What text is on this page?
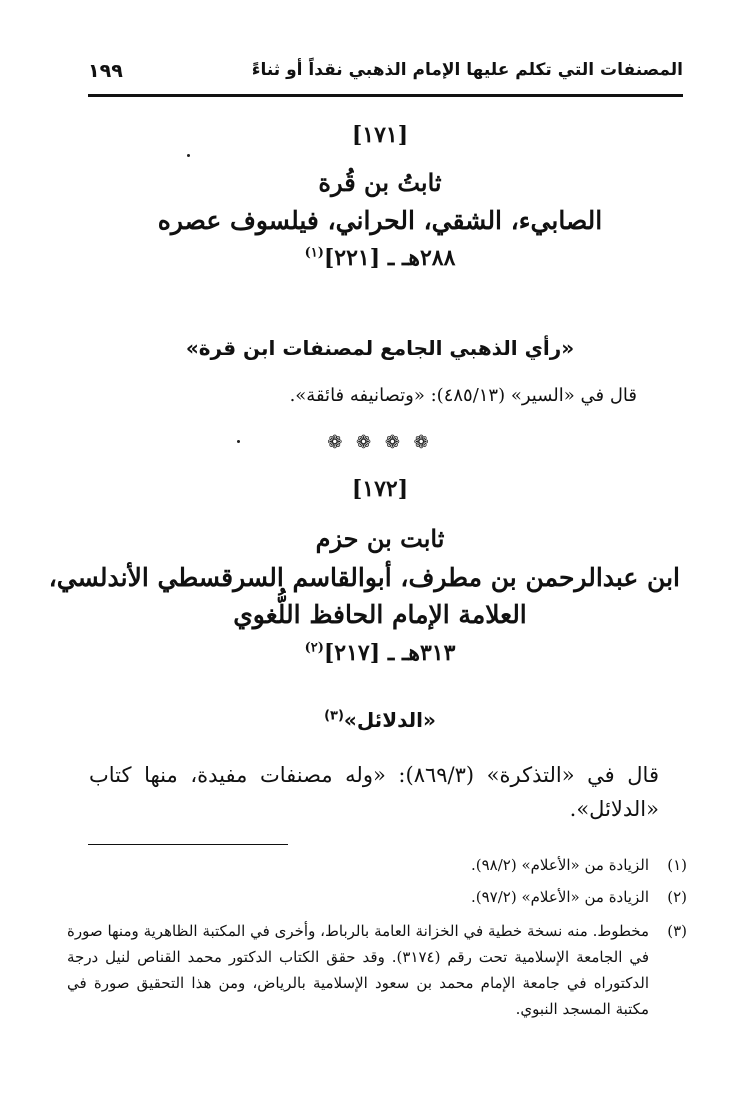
المصنفات التي تكلم عليها الإمام الذهبي نقداً أو ثناءً
١٩٩
[١٧١]
ثابتُ بن قُرة
الصابيء، الشقي، الحراني، فيلسوف عصره
٢٨٨هـ ـ [٢٢١]$^{(١)}$
«رأي الذهبي الجامع لمصنفات ابن قرة»
قال في «السير» (٤٨٥/١٣): «وتصانيفه فائقة».
❁ ❁ ❁ ❁
[١٧٢]
ثابت بن حزم
ابن عبدالرحمن بن مطرف، أبوالقاسم السرقسطي الأندلسي،
العلامة الإمام الحافظ اللُّغوي
٣١٣هـ ـ [٢١٧]$^{(٢)}$
«الدلائل»$^{(٣)}$
قال في «التذكرة» (٨٦٩/٣): «وله مصنفات مفيدة، منها كتاب «الدلائل».
(١)
الزيادة من «الأعلام» (٩٨/٢).
(٢)
الزيادة من «الأعلام» (٩٧/٢).
(٣)
مخطوط. منه نسخة خطية في الخزانة العامة بالرباط، وأخرى في المكتبة الظاهرية ومنها صورة في الجامعة الإسلامية تحت رقم (٣١٧٤). وقد حقق الكتاب الدكتور محمد القناص لنيل درجة الدكتوراه في جامعة الإمام محمد بن سعود الإسلامية بالرياض، ومن هذا التحقيق صورة في مكتبة المسجد النبوي.
